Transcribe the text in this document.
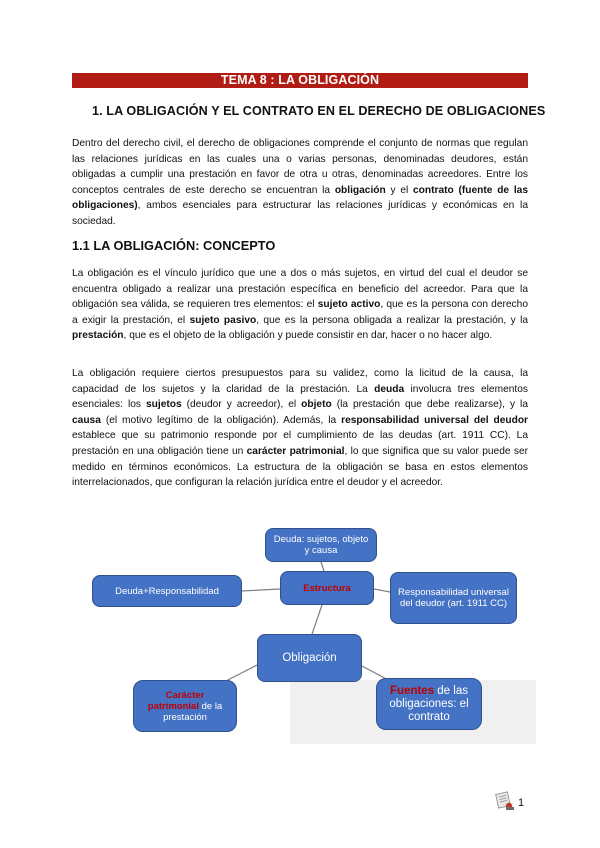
TEMA 8 : LA OBLIGACIÓN
1. LA OBLIGACIÓN Y EL CONTRATO EN EL DERECHO DE OBLIGACIONES
Dentro del derecho civil, el derecho de obligaciones comprende el conjunto de normas que regulan las relaciones jurídicas en las cuales una o varias personas, denominadas deudores, están obligadas a cumplir una prestación en favor de otra u otras, denominadas acreedores. Entre los conceptos centrales de este derecho se encuentran la obligación y el contrato (fuente de las obligaciones), ambos esenciales para estructurar las relaciones jurídicas y económicas en la sociedad.
1.1 LA OBLIGACIÓN: CONCEPTO
La obligación es el vínculo jurídico que une a dos o más sujetos, en virtud del cual el deudor se encuentra obligado a realizar una prestación específica en beneficio del acreedor. Para que la obligación sea válida, se requieren tres elementos: el sujeto activo, que es la persona con derecho a exigir la prestación, el sujeto pasivo, que es la persona obligada a realizar la prestación, y la prestación, que es el objeto de la obligación y puede consistir en dar, hacer o no hacer algo.
La obligación requiere ciertos presupuestos para su validez, como la licitud de la causa, la capacidad de los sujetos y la claridad de la prestación. La deuda involucra tres elementos esenciales: los sujetos (deudor y acreedor), el objeto (la prestación que debe realizarse), y la causa (el motivo legítimo de la obligación). Además, la responsabilidad universal del deudor establece que su patrimonio responde por el cumplimiento de las deudas (art. 1911 CC). La prestación en una obligación tiene un carácter patrimonial, lo que significa que su valor puede ser medido en términos económicos. La estructura de la obligación se basa en estos elementos interrelacionados, que configuran la relación jurídica entre el deudor y el acreedor.
Deuda: sujetos, objeto y causa
Deuda+Responsabilidad	Estructura	Responsabilidad universal del deudor (art. 1911 CC)
Obligación
Carácter patrimonial de la prestación
Fuentes de las obligaciones: el contrato
1
